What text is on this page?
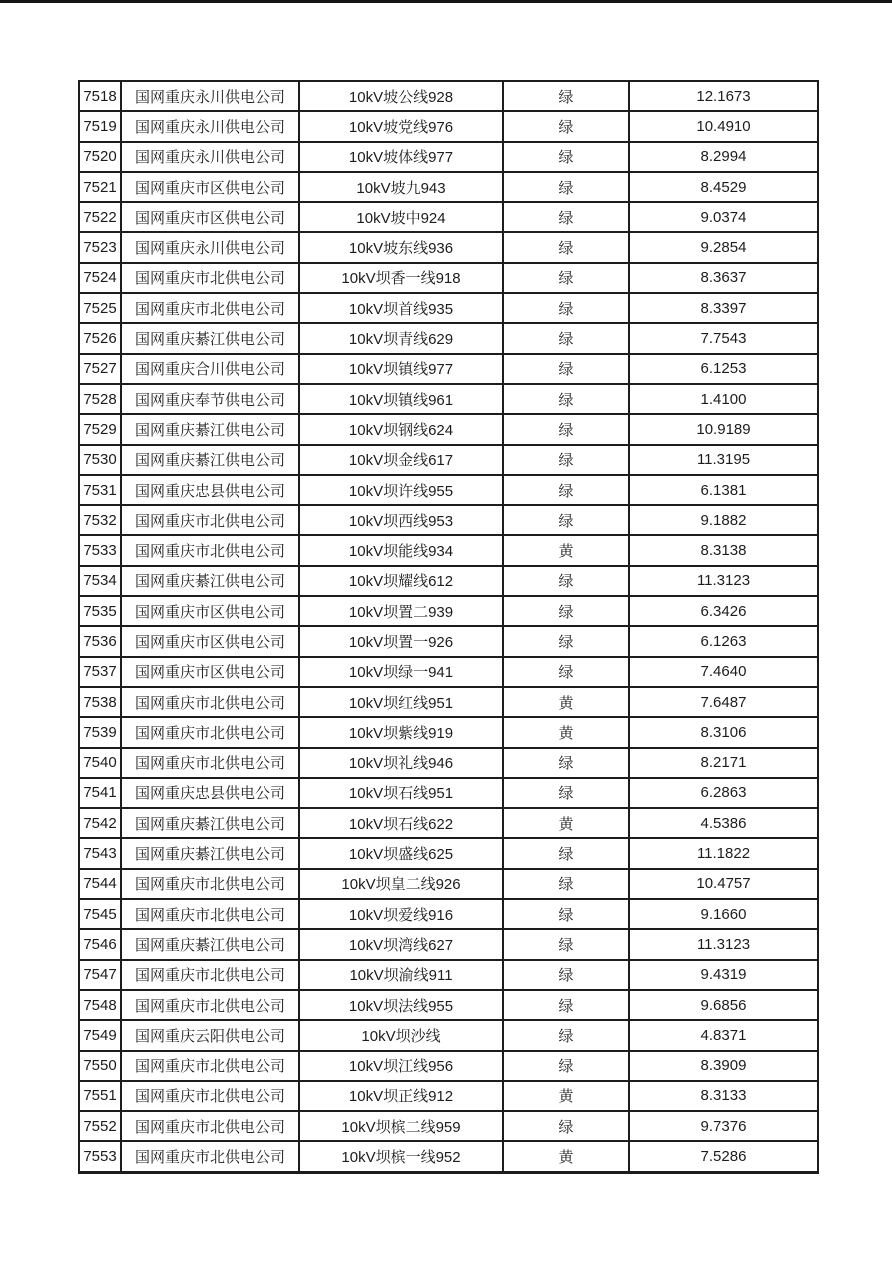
7518	国网重庆永川供电公司	10kV坡公线928	绿	12.1673
7519	国网重庆永川供电公司	10kV坡党线976	绿	10.4910
7520	国网重庆永川供电公司	10kV坡体线977	绿	8.2994
7521	国网重庆市区供电公司	10kV坡九943	绿	8.4529
7522	国网重庆市区供电公司	10kV坡中924	绿	9.0374
7523	国网重庆永川供电公司	10kV坡东线936	绿	9.2854
7524	国网重庆市北供电公司	10kV坝香一线918	绿	8.3637
7525	国网重庆市北供电公司	10kV坝首线935	绿	8.3397
7526	国网重庆綦江供电公司	10kV坝青线629	绿	7.7543
7527	国网重庆合川供电公司	10kV坝镇线977	绿	6.1253
7528	国网重庆奉节供电公司	10kV坝镇线961	绿	1.4100
7529	国网重庆綦江供电公司	10kV坝钢线624	绿	10.9189
7530	国网重庆綦江供电公司	10kV坝金线617	绿	11.3195
7531	国网重庆忠县供电公司	10kV坝许线955	绿	6.1381
7532	国网重庆市北供电公司	10kV坝西线953	绿	9.1882
7533	国网重庆市北供电公司	10kV坝能线934	黄	8.3138
7534	国网重庆綦江供电公司	10kV坝耀线612	绿	11.3123
7535	国网重庆市区供电公司	10kV坝置二939	绿	6.3426
7536	国网重庆市区供电公司	10kV坝置一926	绿	6.1263
7537	国网重庆市区供电公司	10kV坝绿一941	绿	7.4640
7538	国网重庆市北供电公司	10kV坝红线951	黄	7.6487
7539	国网重庆市北供电公司	10kV坝紫线919	黄	8.3106
7540	国网重庆市北供电公司	10kV坝礼线946	绿	8.2171
7541	国网重庆忠县供电公司	10kV坝石线951	绿	6.2863
7542	国网重庆綦江供电公司	10kV坝石线622	黄	4.5386
7543	国网重庆綦江供电公司	10kV坝盛线625	绿	11.1822
7544	国网重庆市北供电公司	10kV坝皇二线926	绿	10.4757
7545	国网重庆市北供电公司	10kV坝爱线916	绿	9.1660
7546	国网重庆綦江供电公司	10kV坝湾线627	绿	11.3123
7547	国网重庆市北供电公司	10kV坝渝线911	绿	9.4319
7548	国网重庆市北供电公司	10kV坝法线955	绿	9.6856
7549	国网重庆云阳供电公司	10kV坝沙线	绿	4.8371
7550	国网重庆市北供电公司	10kV坝江线956	绿	8.3909
7551	国网重庆市北供电公司	10kV坝正线912	黄	8.3133
7552	国网重庆市北供电公司	10kV坝槟二线959	绿	9.7376
7553	国网重庆市北供电公司	10kV坝槟一线952	黄	7.5286
